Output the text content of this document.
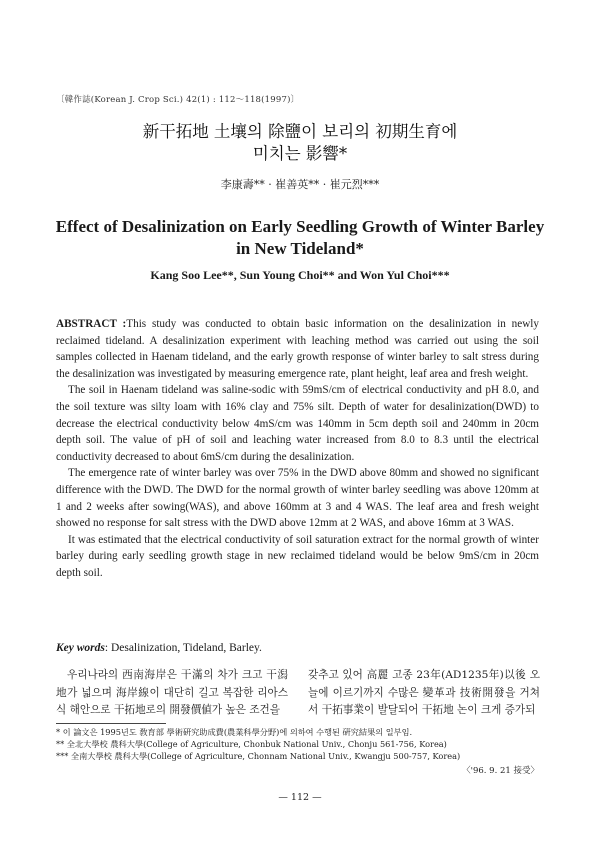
〔韓作誌(Korean J. Crop Sci.) 42(1) : 112～118(1997)〕
新干拓地 土壤의 除鹽이 보리의 初期生育에
미치는 影響*
李康壽** · 崔善英** · 崔元烈***
Effect of Desalinization on Early Seedling Growth of Winter Barley
in New Tideland*
Kang Soo Lee**, Sun Young Choi** and Won Yul Choi***

ABSTRACT :This study was conducted to obtain basic information on the desalinization in newly reclaimed tideland. A desalinization experiment with leaching method was carried out using the soil samples collected in Haenam tideland, and the early growth response of winter barley to salt stress during the desalinization was investigated by measuring emergence rate, plant height, leaf area and fresh weight.

The soil in Haenam tideland was saline-sodic with 59mS/cm of electrical conductivity and pH 8.0, and the soil texture was silty loam with 16% clay and 75% silt. Depth of water for desalinization(DWD) to decrease the electrical conductivity below 4mS/cm was 140mm in 5cm depth soil and 240mm in 20cm depth soil. The value of pH of soil and leaching water increased from 8.0 to 8.3 until the electrical conductivity decreased to about 6mS/cm during the desalinization.

The emergence rate of winter barley was over 75% in the DWD above 80mm and showed no significant difference with the DWD. The DWD for the normal growth of winter barley seedling was above 120mm at 1 and 2 weeks after sowing(WAS), and above 160mm at 3 and 4 WAS. The leaf area and fresh weight showed no response for salt stress with the DWD above 12mm at 2 WAS, and above 16mm at 3 WAS.

It was estimated that the electrical conductivity of soil saturation extract for the normal growth of winter barley during early seedling growth stage in new reclaimed tideland would be below 9mS/cm in 20cm depth soil.

Key words: Desalinization, Tideland, Barley.

우리나라의 西南海岸은 干滿의 차가 크고 干潟地가 넓으며 海岸線이 대단히 길고 복잡한 리아스식 해안으로 干拓地로의 開發價値가 높은 조건을

갖추고 있어 高麗 고종 23年(AD1235年)以後 오늘에 이르기까지 수많은 變革과 技術開發을 거쳐서 干拓事業이 발달되어 干拓地 논이 크게 증가되

* 이 論文은 1995년도 敎育部 學術硏究助成費(農業科學分野)에 의하여 수행된 硏究結果의 일부임.
** 全北大學校 農科大學(College of Agriculture, Chonbuk National Univ., Chonju 561-756, Korea)
*** 全南大學校 農科大學(College of Agriculture, Chonnam National Univ., Kwangju 500-757, Korea)
〈'96. 9. 21 接受〉
— 112 —
